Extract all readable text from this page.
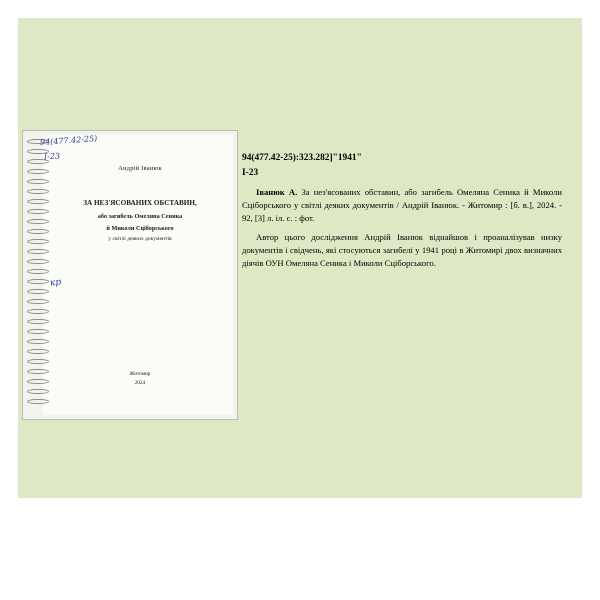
Андрій Іванюк
ЗА НЕЗ'ЯСОВАНИХ ОБСТАВИН,
або загибель Омеляна Сеника
й Миколи Сціборського
у світлі деяких документів
Житомир
2024
94(477.42-25)
І-23
кр
94(477.42-25):323.282]"1941"
І-23
Іванюк А. За нез'ясованих обставин, або загибель Омеляна Сеника й Миколи Сціборського у світлі деяких документів / Андрій Іванюк. - Житомир : [б. в.], 2024. - 92, [3] л. іл. с. : фот.
Автор цього дослідження Андрій Іванюк віднайшов і проаналізував низку документів і свідчень, які стосуються загибелі у 1941 році в Житомирі двох визначних діячів ОУН Омеляна Сеника і Миколи Сціборського.
